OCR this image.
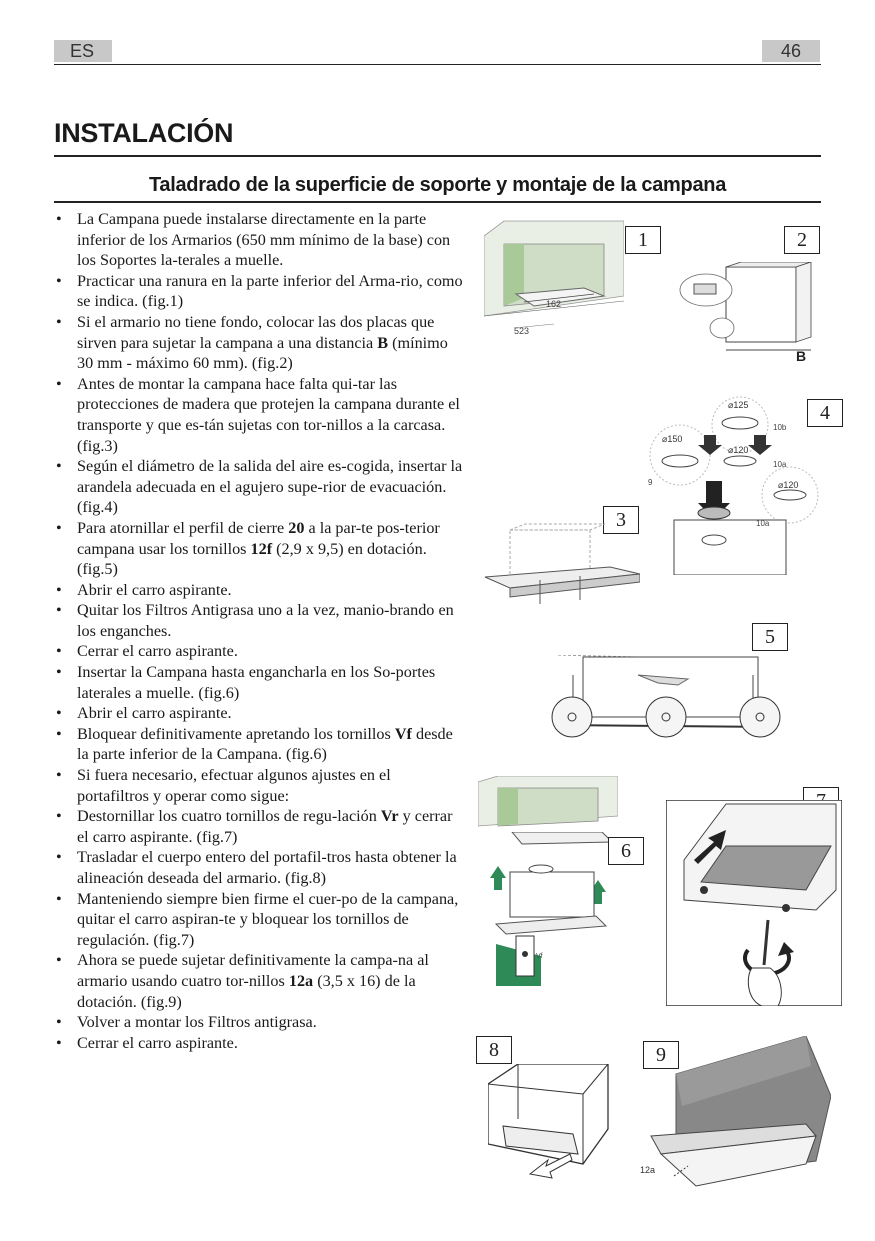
ES	46
INSTALACIÓN
Taladrado de la superficie de soporte y montaje de la campana
• La Campana puede instalarse directamente en la parte inferior de los Armarios (650 mm mínimo de la base) con los Soportes la-terales a muelle.
• Practicar una ranura en la parte inferior del Arma-rio, como se indica. (fig.1)
• Si el armario no tiene fondo, colocar las dos placas que sirven para sujetar la campana a una distancia B (mínimo 30 mm - máximo 60 mm). (fig.2)
• Antes de montar la campana hace falta qui-tar las protecciones de madera que protejen la campana durante el transporte y que es-tán sujetas con tor-nillos a la carcasa. (fig.3)
• Según el diámetro de la salida del aire es-cogida, insertar la arandela adecuada en el agujero supe-rior de evacuación. (fig.4)
• Para atornillar el perfil de cierre 20 a la par-te pos-terior campana usar los tornillos 12f (2,9 x 9,5) en dotación. (fig.5)
• Abrir el carro aspirante.
• Quitar los Filtros Antigrasa uno a la vez, manio-brando en los enganches.
• Cerrar el carro aspirante.
• Insertar la Campana hasta engancharla en los So-portes laterales a muelle. (fig.6)
• Abrir el carro aspirante.
• Bloquear definitivamente apretando los tornillos Vf desde la parte inferior de la Campana. (fig.6)
• Si fuera necesario, efectuar algunos ajustes en el portafiltros y operar como sigue:
• Destornillar los cuatro tornillos de regu-lación Vr y cerrar el carro aspirante. (fig.7)
• Trasladar el cuerpo entero del portafil-tros hasta obtener la alineación deseada del armario. (fig.8)
• Manteniendo siempre bien firme el cuer-po de la campana, quitar el carro aspiran-te y bloquear los tornillos de regulación. (fig.7)
• Ahora se puede sujetar definitivamente la campa-na al armario usando cuatro tor-nillos 12a (3,5 x 16) de la dotación. (fig.9)
• Volver a montar los Filtros antigrasa.
• Cerrar el carro aspirante.
162
523
1	2
B
4
⌀125
⌀150
⌀120
⌀120
9
10b
10a
10a
3
5
6
Vf
8	9
12a
